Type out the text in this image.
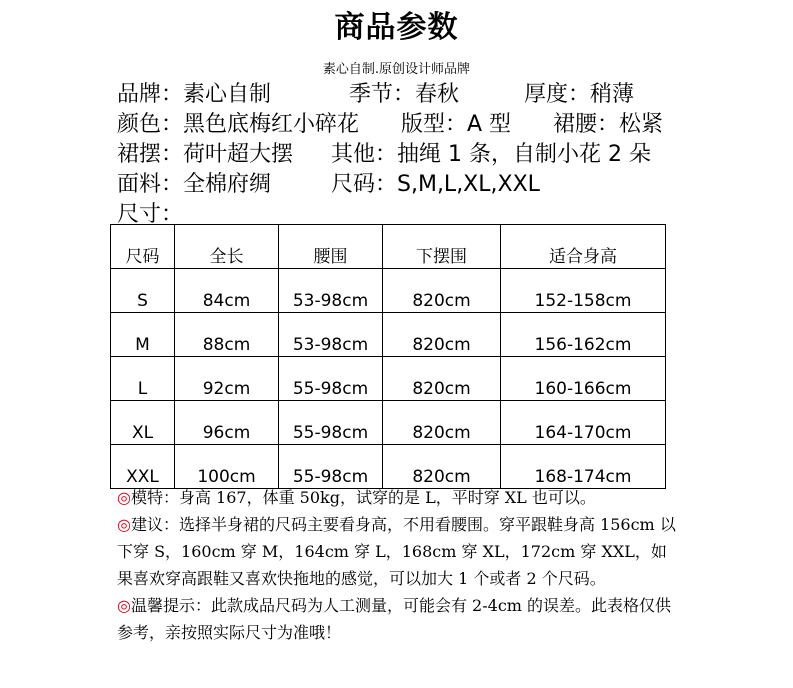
商品参数
素心自制.原创设计师品牌
品牌：素心自制	季节：春秋	厚度：稍薄
颜色：黑色底梅红小碎花 版型：A 型 裙腰：松紧
裙摆：荷叶超大摆 其他：抽绳 1 条，自制小花 2 朵
面料：全棉府绸	尺码：S,M,L,XL,XXL
尺寸：
尺码	全长	腰围	下摆围	适合身高
S	84cm	53-98cm	820cm	152-158cm
M	88cm	53-98cm	820cm	156-162cm
L	92cm	55-98cm	820cm	160-166cm
XL	96cm	55-98cm	820cm	164-170cm
XXL	100cm	55-98cm	820cm	168-174cm

◎模特：身高 167，体重 50kg，试穿的是 L，平时穿 XL 也可以。

◎建议：选择半身裙的尺码主要看身高，不用看腰围。穿平跟鞋身高 156cm 以下穿 S，160cm 穿 M，164cm 穿 L，168cm 穿 XL，172cm 穿 XXL，如果喜欢穿高跟鞋又喜欢快拖地的感觉，可以加大 1 个或者 2 个尺码。

◎温馨提示：此款成品尺码为人工测量，可能会有 2-4cm 的误差。此表格仅供参考，亲按照实际尺寸为准哦！
